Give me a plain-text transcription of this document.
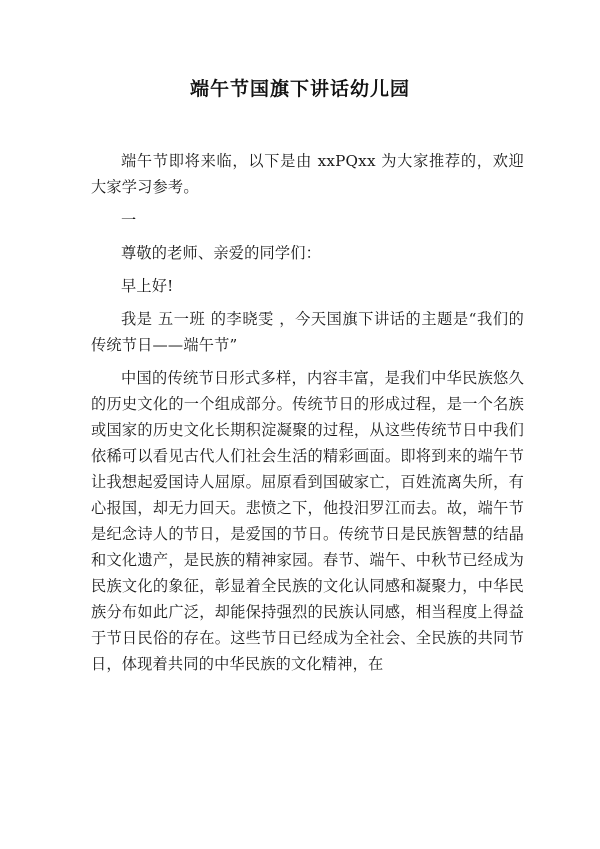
端午节国旗下讲话幼儿园

端午节即将来临，以下是由 xxPQxx 为大家推荐的，欢迎大家学习参考。

一

尊敬的老师、亲爱的同学们：

早上好!

我是 五一班 的李晓雯 ，今天国旗下讲话的主题是“我们的传统节日——端午节”

中国的传统节日形式多样，内容丰富，是我们中华民族悠久的历史文化的一个组成部分。传统节日的形成过程，是一个名族或国家的历史文化长期积淀凝聚的过程，从这些传统节日中我们依稀可以看见古代人们社会生活的精彩画面。即将到来的端午节让我想起爱国诗人屈原。屈原看到国破家亡，百姓流离失所，有心报国，却无力回天。悲愤之下，他投汨罗江而去。故，端午节是纪念诗人的节日，是爱国的节日。传统节日是民族智慧的结晶和文化遗产，是民族的精神家园。春节、端午、中秋节已经成为民族文化的象征，彰显着全民族的文化认同感和凝聚力，中华民族分布如此广泛，却能保持强烈的民族认同感，相当程度上得益于节日民俗的存在。这些节日已经成为全社会、全民族的共同节日，体现着共同的中华民族的文化精神，在
